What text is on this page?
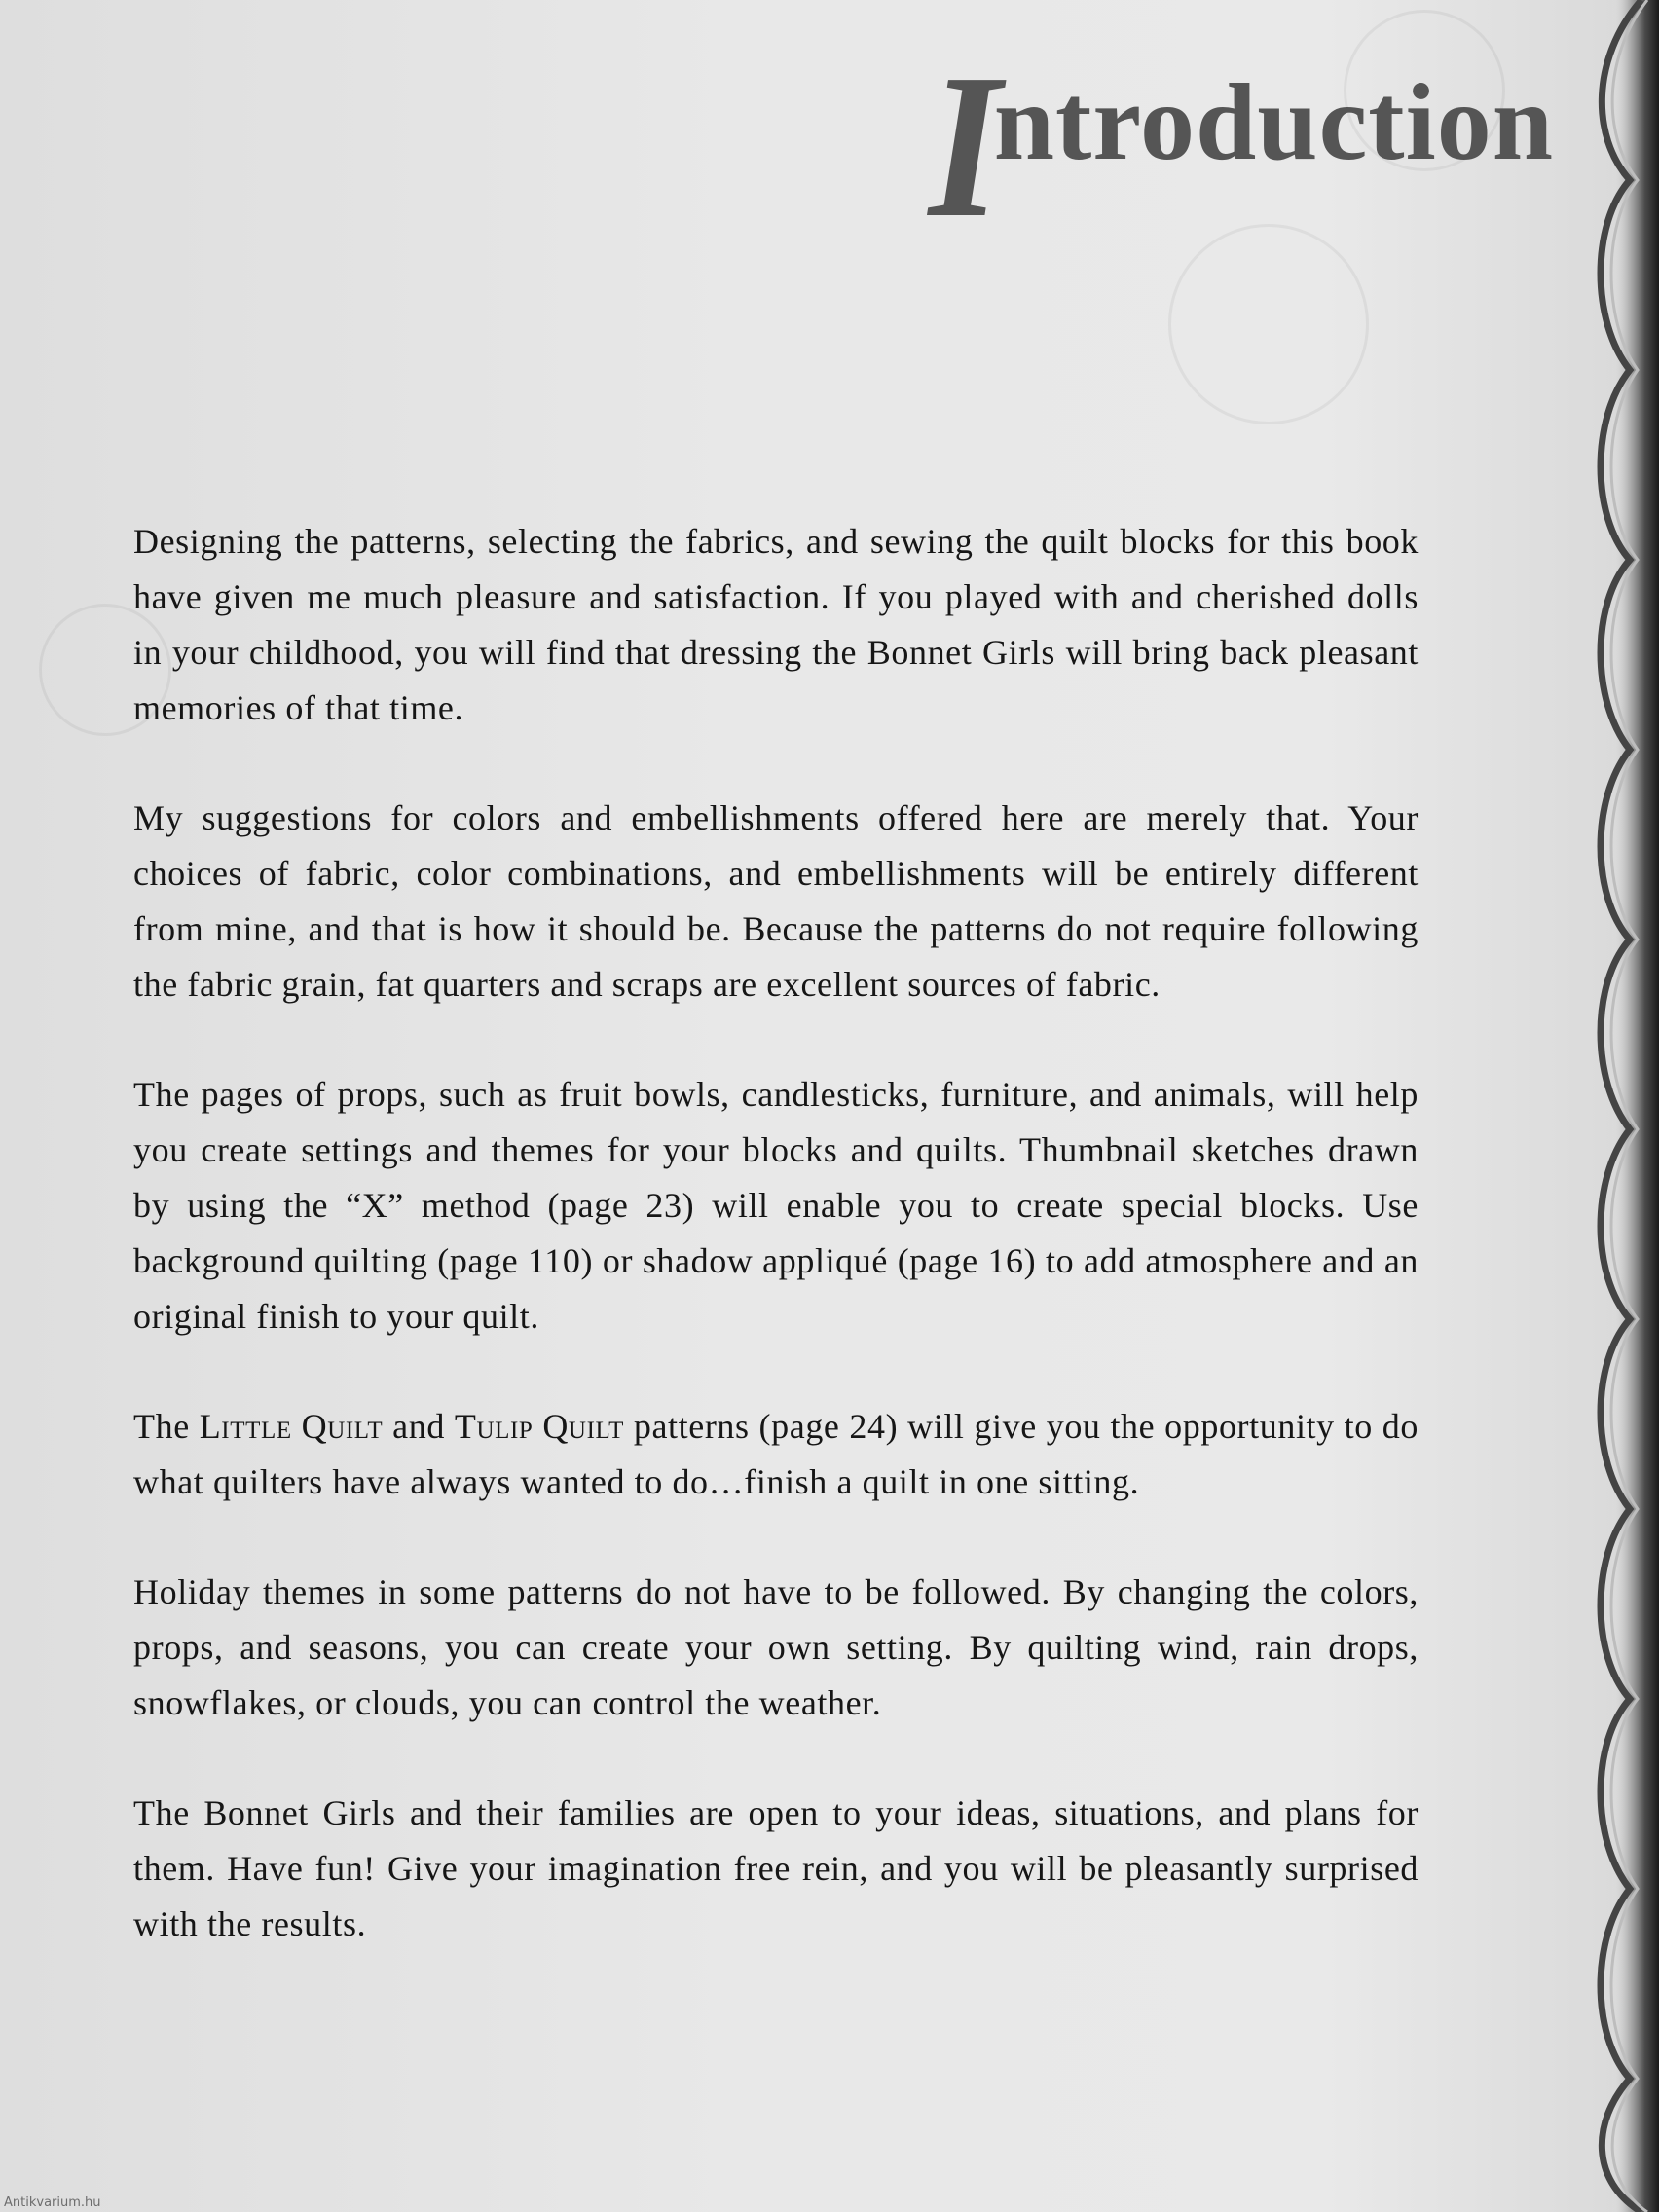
I
ntroduction

Designing the patterns, selecting the fabrics, and sewing the quilt blocks for this book have given me much pleasure and satisfaction. If you played with and cherished dolls in your childhood, you will find that dressing the Bonnet Girls will bring back pleasant memories of that time.

My suggestions for colors and embellishments offered here are merely that. Your choices of fabric, color combinations, and embellishments will be entirely different from mine, and that is how it should be. Because the patterns do not require following the fabric grain, fat quarters and scraps are excellent sources of fabric.

The pages of props, such as fruit bowls, candlesticks, furniture, and animals, will help you create settings and themes for your blocks and quilts. Thumbnail sketches drawn by using the “X” method (page 23) will enable you to create special blocks. Use background quilting (page 110) or shadow appliqué (page 16) to add atmosphere and an original finish to your quilt.

The Little Quilt and Tulip Quilt patterns (page 24) will give you the opportunity to do what quilters have always wanted to do…finish a quilt in one sitting.

Holiday themes in some patterns do not have to be followed. By changing the colors, props, and seasons, you can create your own setting. By quilting wind, rain drops, snowflakes, or clouds, you can control the weather.

The Bonnet Girls and their families are open to your ideas, situations, and plans for them. Have fun! Give your imagination free rein, and you will be pleasantly surprised with the results.

Antikvarium.hu
